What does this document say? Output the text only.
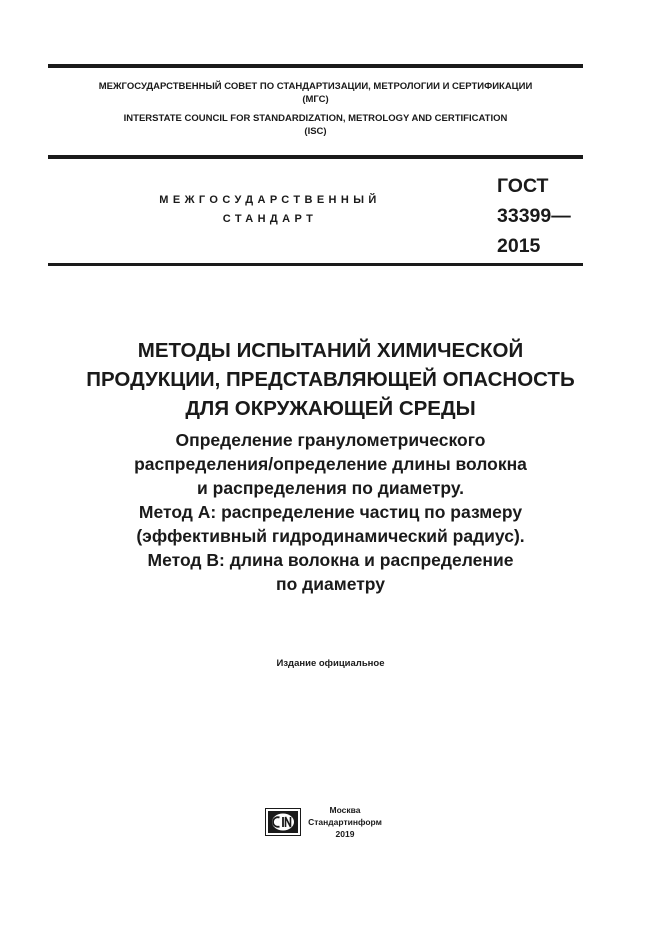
МЕЖГОСУДАРСТВЕННЫЙ СОВЕТ ПО СТАНДАРТИЗАЦИИ, МЕТРОЛОГИИ И СЕРТИФИКАЦИИ
(МГС)
INTERSTATE COUNCIL FOR STANDARDIZATION, METROLOGY AND CERTIFICATION
(ISC)
МЕЖГОСУДАРСТВЕННЫЙ
СТАНДАРТ
ГОСТ
33399—
2015
МЕТОДЫ ИСПЫТАНИЙ ХИМИЧЕСКОЙ
ПРОДУКЦИИ, ПРЕДСТАВЛЯЮЩЕЙ ОПАСНОСТЬ
ДЛЯ ОКРУЖАЮЩЕЙ СРЕДЫ
Определение гранулометрического
распределения/определение длины волокна
и распределения по диаметру.
Метод А: распределение частиц по размеру
(эффективный гидродинамический радиус).
Метод В: длина волокна и распределение
по диаметру
Издание официальное
Москва
Стандартинформ
2019
